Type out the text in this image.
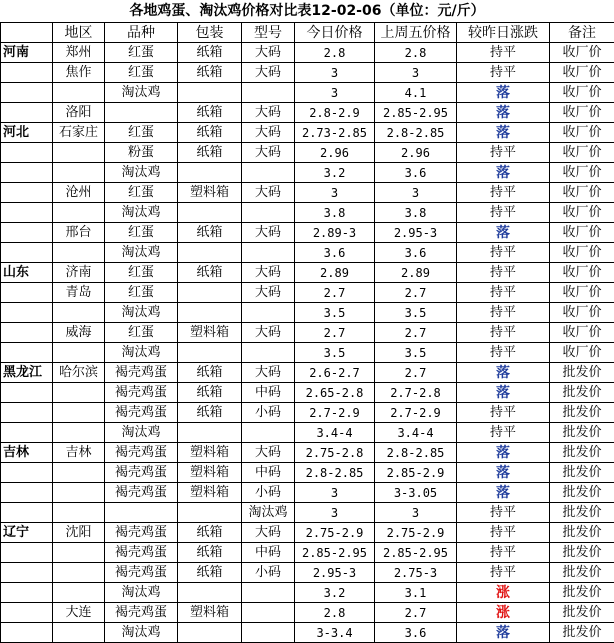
各地鸡蛋、淘汰鸡价格对比表12-02-06（单位：元/斤）
	地区	品种	包装	型号	今日价格	上周五价格	较昨日涨跌	备注
河南	郑州	红蛋	纸箱	大码	2.8	2.8	持平	收厂价
	焦作	红蛋	纸箱	大码	3	3	持平	收厂价
		淘汰鸡			3	4.1	落	收厂价
	洛阳		纸箱	大码	2.8-2.9	2.85-2.95	落	收厂价
河北	石家庄	红蛋	纸箱	大码	2.73-2.85	2.8-2.85	落	收厂价
		粉蛋	纸箱	大码	2.96	2.96	持平	收厂价
		淘汰鸡			3.2	3.6	落	收厂价
	沧州	红蛋	塑料箱	大码	3	3	持平	收厂价
		淘汰鸡			3.8	3.8	持平	收厂价
	邢台	红蛋	纸箱	大码	2.89-3	2.95-3	落	收厂价
		淘汰鸡			3.6	3.6	持平	收厂价
山东	济南	红蛋	纸箱	大码	2.89	2.89	持平	收厂价
	青岛	红蛋		大码	2.7	2.7	持平	收厂价
		淘汰鸡			3.5	3.5	持平	收厂价
	威海	红蛋	塑料箱	大码	2.7	2.7	持平	收厂价
		淘汰鸡			3.5	3.5	持平	收厂价
黑龙江	哈尔滨	褐壳鸡蛋	纸箱	大码	2.6-2.7	2.7	落	批发价
		褐壳鸡蛋	纸箱	中码	2.65-2.8	2.7-2.8	落	批发价
		褐壳鸡蛋	纸箱	小码	2.7-2.9	2.7-2.9	持平	批发价
		淘汰鸡			3.4-4	3.4-4	持平	批发价
吉林	吉林	褐壳鸡蛋	塑料箱	大码	2.75-2.8	2.8-2.85	落	批发价
		褐壳鸡蛋	塑料箱	中码	2.8-2.85	2.85-2.9	落	批发价
		褐壳鸡蛋	塑料箱	小码	3	3-3.05	落	批发价
				淘汰鸡	3	3	持平	批发价
辽宁	沈阳	褐壳鸡蛋	纸箱	大码	2.75-2.9	2.75-2.9	持平	批发价
		褐壳鸡蛋	纸箱	中码	2.85-2.95	2.85-2.95	持平	批发价
		褐壳鸡蛋	纸箱	小码	2.95-3	2.75-3	持平	批发价
		淘汰鸡			3.2	3.1	涨	批发价
	大连	褐壳鸡蛋	塑料箱		2.8	2.7	涨	批发价
		淘汰鸡			3-3.4	3.6	落	批发价
